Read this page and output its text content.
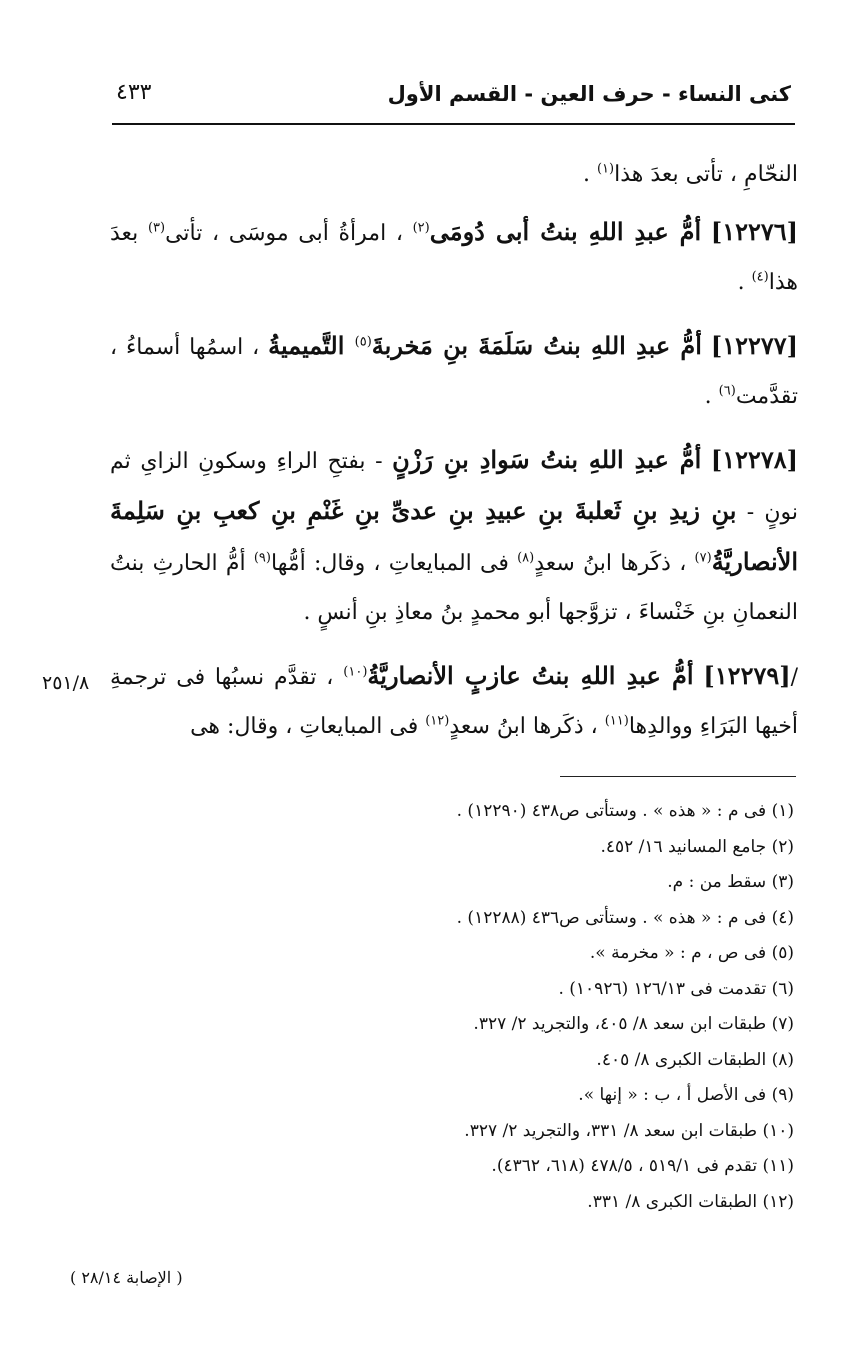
كنى النساء - حرف العين - القسم الأول
٤٣٣

النحّامِ ، تأتى بعدَ هذا$^{(١)}$ .

[١٢٢٧٦] أمُّ عبدِ اللهِ بنتُ أبى دُومَى$^{(٢)}$ ، امرأةُ أبى موسَى ، تأتى$^{(٣)}$ بعدَ هذا$^{(٤)}$ .

[١٢٢٧٧] أمُّ عبدِ اللهِ بنتُ سَلَمَةَ بنِ مَخربةَ$^{(٥)}$ التَّميميةُ ، اسمُها أسماءُ ، تقدَّمت$^{(٦)}$ .

[١٢٢٧٨] أمُّ عبدِ اللهِ بنتُ سَوادِ بنِ رَزْنٍ - بفتحِ الراءِ وسكونِ الزاىِ ثم نونٍ - بنِ زيدِ بنِ ثَعلبةَ بنِ عبيدِ بنِ عدىِّ بنِ غَنْمِ بنِ كعبِ بنِ سَلِمةَ الأنصاريَّةُ$^{(٧)}$ ، ذكَرها ابنُ سعدٍ$^{(٨)}$ فى المبايعاتِ ، وقال: أمُّها$^{(٩)}$ أمُّ الحارثِ بنتُ النعمانِ بنِ خَنْساءَ ، تزوَّجها أبو محمدٍ بنُ معاذِ بنِ أنسٍ .

/[١٢٢٧٩] أمُّ عبدِ اللهِ بنتُ عازبٍ الأنصاريَّةُ$^{(١٠)}$ ، تقدَّم نسبُها فى ترجمةِ أخيها البَرَاءِ ووالدِها$^{(١١)}$ ، ذكَرها ابنُ سعدٍ$^{(١٢)}$ فى المبايعاتِ ، وقال: هى

٢٥١/٨
(١) فى م : « هذه » . وستأتى ص٤٣٨ (١٢٢٩٠) .
(٢) جامع المسانيد ١٦/ ٤٥٢.
(٣) سقط من : م.
(٤) فى م : « هذه » . وستأتى ص٤٣٦ (١٢٢٨٨) .
(٥) فى ص ، م : « مخرمة ».
(٦) تقدمت فى ١٢٦/١٣ (١٠٩٢٦) .
(٧) طبقات ابن سعد ٨/ ٤٠٥، والتجريد ٢/ ٣٢٧.
(٨) الطبقات الكبرى ٨/ ٤٠٥.
(٩) فى الأصل أ ، ب : « إنها ».
(١٠) طبقات ابن سعد ٨/ ٣٣١، والتجريد ٢/ ٣٢٧.
(١١) تقدم فى ٥١٩/١ ، ٤٧٨/٥ (٦١٨، ٤٣٦٢).
(١٢) الطبقات الكبرى ٨/ ٣٣١.
( الإصابة ٢٨/١٤ )
